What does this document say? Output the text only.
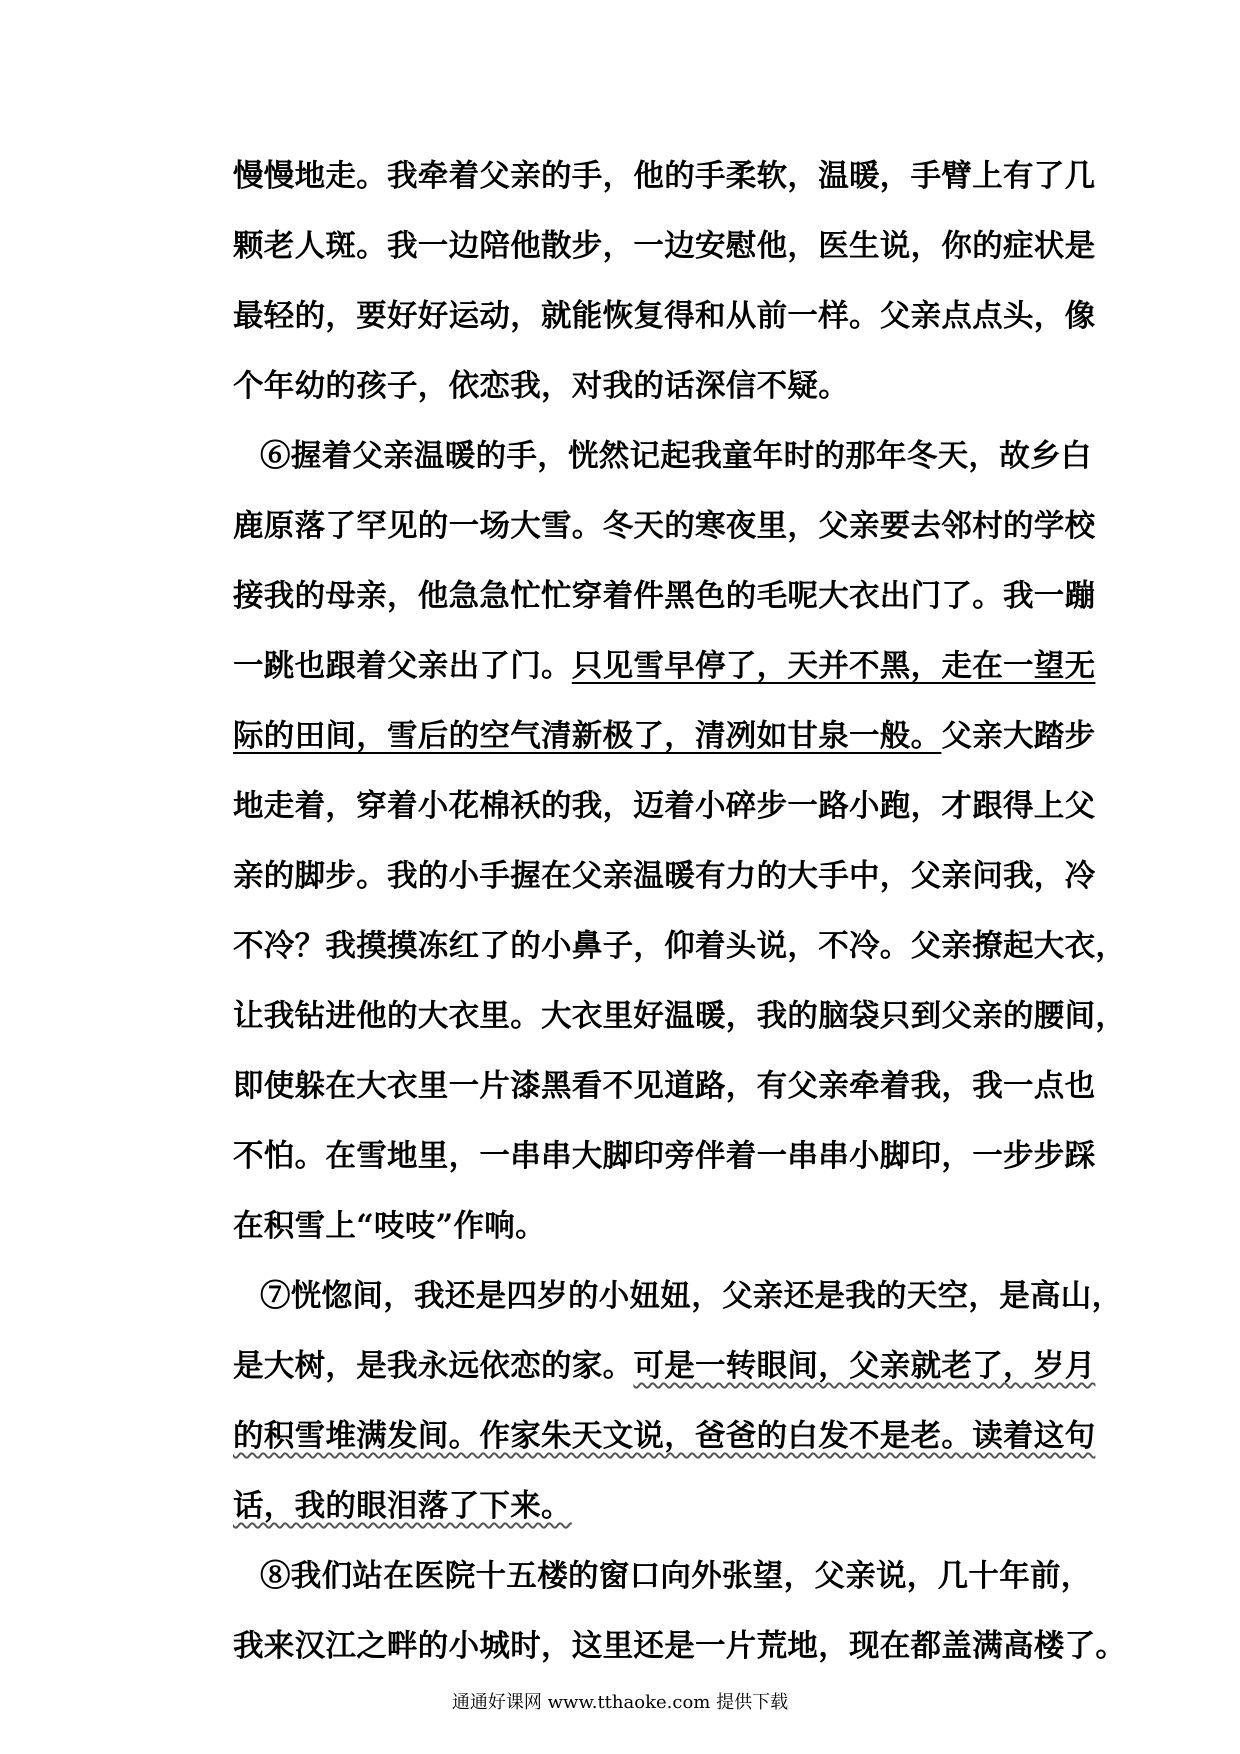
慢慢地走。我牵着父亲的手，他的手柔软，温暖，手臂上有了几
颗老人斑。我一边陪他散步，一边安慰他，医生说，你的症状是
最轻的，要好好运动，就能恢复得和从前一样。父亲点点头，像
个年幼的孩子，依恋我，对我的话深信不疑。
⑥握着父亲温暖的手，恍然记起我童年时的那年冬天，故乡白
鹿原落了罕见的一场大雪。冬天的寒夜里，父亲要去邻村的学校
接我的母亲，他急急忙忙穿着件黑色的毛呢大衣出门了。我一蹦
一跳也跟着父亲出了门。只见雪早停了，天并不黑，走在一望无
际的田间，雪后的空气清新极了，清冽如甘泉一般。父亲大踏步
地走着，穿着小花棉袄的我，迈着小碎步一路小跑，才跟得上父
亲的脚步。我的小手握在父亲温暖有力的大手中，父亲问我，冷
不冷？我摸摸冻红了的小鼻子，仰着头说，不冷。父亲撩起大衣，
让我钻进他的大衣里。大衣里好温暖，我的脑袋只到父亲的腰间，
即使躲在大衣里一片漆黑看不见道路，有父亲牵着我，我一点也
不怕。在雪地里，一串串大脚印旁伴着一串串小脚印，一步步踩
在积雪上“吱吱”作响。
⑦恍惚间，我还是四岁的小妞妞，父亲还是我的天空，是高山，
是大树，是我永远依恋的家。可是一转眼间，父亲就老了，岁月
的积雪堆满发间。作家朱天文说，爸爸的白发不是老。读着这句
话，我的眼泪落了下来。
⑧我们站在医院十五楼的窗口向外张望，父亲说，几十年前，
我来汉江之畔的小城时，这里还是一片荒地，现在都盖满高楼了。
通通好课网 www.tthaoke.com 提供下载
